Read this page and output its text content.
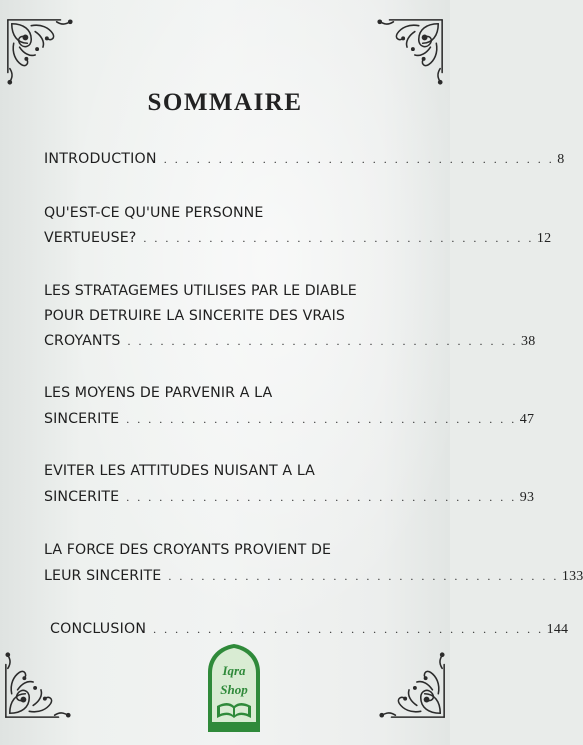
SOMMAIRE
INTRODUCTION . . . . . . . . . . . . . . . . . . . . . . . . . . . . . . . . . . . . 8
QU'EST-CE QU'UNE PERSONNE
VERTUEUSE? . . . . . . . . . . . . . . . . . . . . . . . . . . . . . . . . . . . . 12
LES STRATAGEMES UTILISES PAR LE DIABLE
POUR DETRUIRE LA SINCERITE DES VRAIS
CROYANTS . . . . . . . . . . . . . . . . . . . . . . . . . . . . . . . . . . . . 38
LES MOYENS DE PARVENIR A LA
SINCERITE . . . . . . . . . . . . . . . . . . . . . . . . . . . . . . . . . . . . 47
EVITER LES ATTITUDES NUISANT A LA
SINCERITE . . . . . . . . . . . . . . . . . . . . . . . . . . . . . . . . . . . . 93
LA FORCE DES CROYANTS PROVIENT DE
LEUR SINCERITE . . . . . . . . . . . . . . . . . . . . . . . . . . . . . . . . . . . . 133
CONCLUSION . . . . . . . . . . . . . . . . . . . . . . . . . . . . . . . . . . . . 144
Iqra
Shop
